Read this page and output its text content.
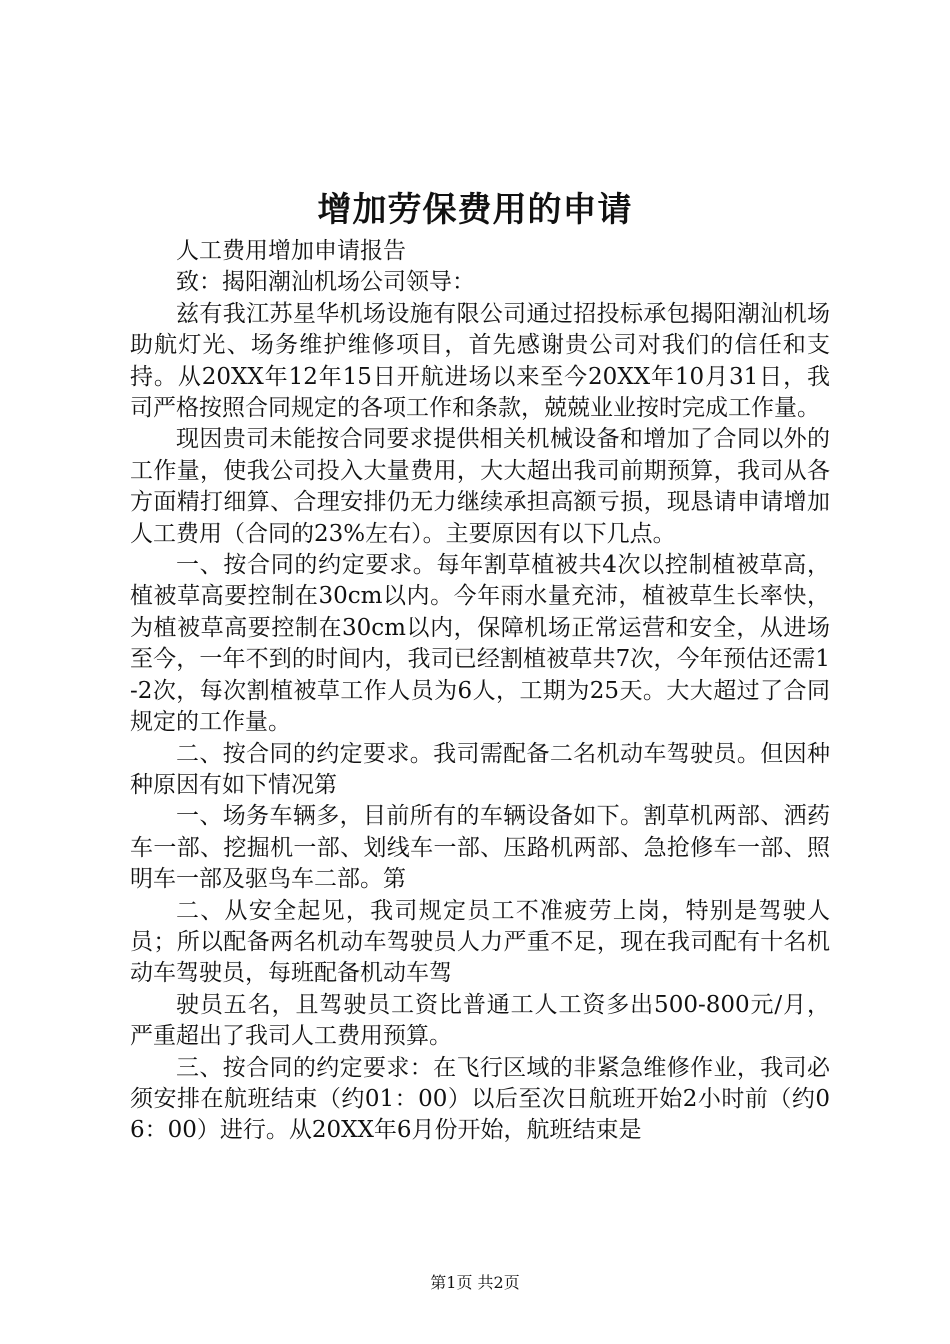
增加劳保费用的申请

人工费用增加申请报告

致：揭阳潮汕机场公司领导：

兹有我江苏星华机场设施有限公司通过招投标承包揭阳潮汕机场助航灯光、场务维护维修项目，首先感谢贵公司对我们的信任和支持。从20XX年12年15日开航进场以来至今20XX年10月31日，我司严格按照合同规定的各项工作和条款，兢兢业业按时完成工作量。

现因贵司未能按合同要求提供相关机械设备和增加了合同以外的工作量，使我公司投入大量费用，大大超出我司前期预算，我司从各方面精打细算、合理安排仍无力继续承担高额亏损，现恳请申请增加人工费用（合同的23%左右）。主要原因有以下几点。

一、按合同的约定要求。每年割草植被共4次以控制植被草高，植被草高要控制在30cm以内。今年雨水量充沛，植被草生长率快，为植被草高要控制在30cm以内，保障机场正常运营和安全，从进场至今，一年不到的时间内，我司已经割植被草共7次，今年预估还需1-2次，每次割植被草工作人员为6人，工期为25天。大大超过了合同规定的工作量。

二、按合同的约定要求。我司需配备二名机动车驾驶员。但因种种原因有如下情况第

一、场务车辆多，目前所有的车辆设备如下。割草机两部、洒药车一部、挖掘机一部、划线车一部、压路机两部、急抢修车一部、照明车一部及驱鸟车二部。第

二、从安全起见，我司规定员工不准疲劳上岗，特别是驾驶人员；所以配备两名机动车驾驶员人力严重不足，现在我司配有十名机动车驾驶员，每班配备机动车驾

驶员五名，且驾驶员工资比普通工人工资多出500-800元/月，严重超出了我司人工费用预算。

三、按合同的约定要求：在飞行区域的非紧急维修作业，我司必须安排在航班结束（约01：00）以后至次日航班开始2小时前（约06：00）进行。从20XX年6月份开始，航班结束是

第1页 共2页
